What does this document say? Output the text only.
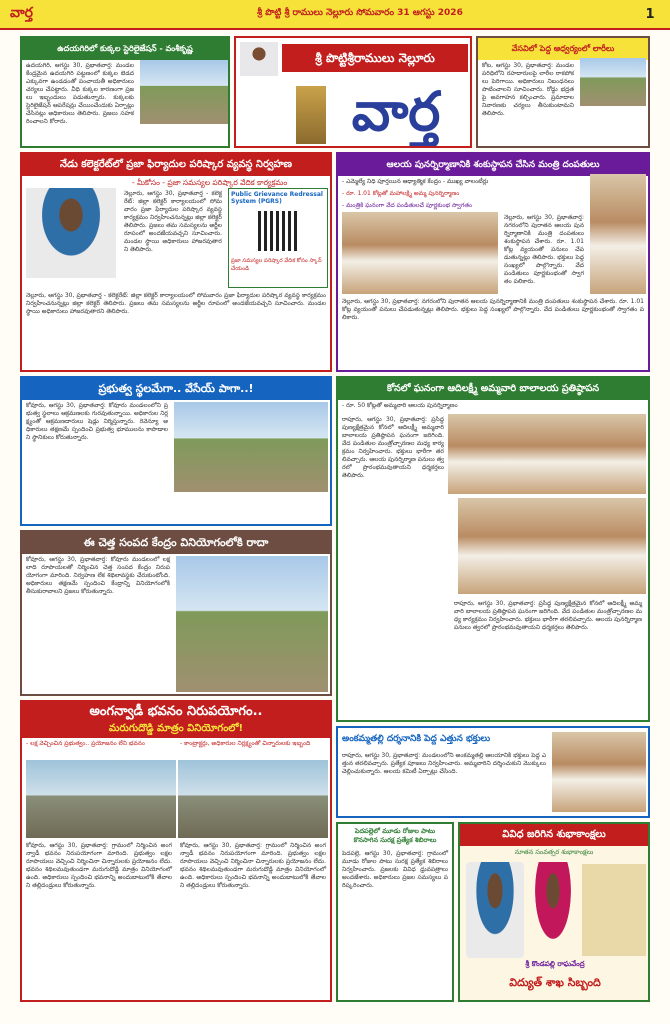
వార్త	శ్రీ పొట్టి శ్రీ రాములు నెల్లూరు సోమవారం 31 ఆగస్టు 2026	1
ఉదయగిరిలో కుక్కల స్టెరిలైజేషన్ - వంశీకృష్ణ
ఉదయగిరి, ఆగస్టు 30, ప్రభాతవార్త: మండల కేంద్రమైన ఉదయగిరి పట్టణంలో కుక్కల బెడద ఎక్కువగా ఉండడంతో పంచాయతీ అధికారులు చర్యలు చేపట్టారు. వీధి కుక్కల కారణంగా ప్రజలు ఇబ్బందులు పడుతున్నారు. కుక్కలకు స్టెరిలైజేషన్ ఆపరేషన్లు చేయించేందుకు ఏర్పాట్లు చేసినట్లు అధికారులు తెలిపారు. ప్రజలు సహకరించాలని కోరారు.
శ్రీ పొట్టిశ్రీరాములు నెల్లూరు
వార్త
వేసవిలో పెద్ద ఆధ్వర్యంలో లారీలు
కోట, ఆగస్టు 30, ప్రభాతవార్త: మండల పరిధిలోని రహదారులపై లారీల రాకపోకలు పెరిగాయి. అధికారులు నిబంధనలు పాటించాలని సూచించారు. రోడ్డు భద్రతపై అవగాహన కల్పించారు. ప్రమాదాల నివారణకు చర్యలు తీసుకుంటామని తెలిపారు.
నేడు కలెక్టరేట్‌లో ప్రజా ఫిర్యాదుల పరిష్కార వ్యవస్థ నిర్వహణ
- మీకోసం - ప్రజా సమస్యల పరిష్కార వేదిక కార్యక్రమం
Public Grievance Redressal System (PGRS)
ప్రజా సమస్యల పరిష్కార వేదిక కోసం స్కాన్ చేయండి
నెల్లూరు, ఆగస్టు 30, ప్రభాతవార్త - కలెక్టరేట్: జిల్లా కలెక్టర్ కార్యాలయంలో సోమవారం ప్రజా ఫిర్యాదుల పరిష్కార వ్యవస్థ కార్యక్రమం నిర్వహించనున్నట్లు జిల్లా కలెక్టర్ తెలిపారు. ప్రజలు తమ సమస్యలను అర్జీల రూపంలో అందజేయవచ్చని సూచించారు. మండల స్థాయి అధికారులు హాజరవుతారని తెలిపారు.
నెల్లూరు, ఆగస్టు 30, ప్రభాతవార్త - కలెక్టరేట్: జిల్లా కలెక్టర్ కార్యాలయంలో సోమవారం ప్రజా ఫిర్యాదుల పరిష్కార వ్యవస్థ కార్యక్రమం నిర్వహించనున్నట్లు జిల్లా కలెక్టర్ తెలిపారు. ప్రజలు తమ సమస్యలను అర్జీల రూపంలో అందజేయవచ్చని సూచించారు. మండల స్థాయి అధికారులు హాజరవుతారని తెలిపారు.
ఆలయ పునర్నిర్మాణానికి శంకుస్థాపన చేసిన మంత్రి దంపతులు
- ఎమ్మెల్యే నిధి పూర్తయిన ఆధ్యాత్మిక కేంద్రం - ముఖ్య వాలంటీర్లు
- రూ. 1.01 కోట్లతో మహాలక్ష్మి అమ్మ పునర్నిర్మాణం
- మంత్రికి ఘనంగా వేద పండితులచే పూర్ణకుంభ స్వాగతం
నెల్లూరు, ఆగస్టు 30, ప్రభాతవార్త: నగరంలోని పురాతన ఆలయ పునర్నిర్మాణానికి మంత్రి దంపతులు శంకుస్థాపన చేశారు. రూ. 1.01 కోట్ల వ్యయంతో పనులు చేపడుతున్నట్లు తెలిపారు. భక్తులు పెద్ద సంఖ్యలో పాల్గొన్నారు. వేద పండితులు పూర్ణకుంభంతో స్వాగతం పలికారు.
నెల్లూరు, ఆగస్టు 30, ప్రభాతవార్త: నగరంలోని పురాతన ఆలయ పునర్నిర్మాణానికి మంత్రి దంపతులు శంకుస్థాపన చేశారు. రూ. 1.01 కోట్ల వ్యయంతో పనులు చేపడుతున్నట్లు తెలిపారు. భక్తులు పెద్ద సంఖ్యలో పాల్గొన్నారు. వేద పండితులు పూర్ణకుంభంతో స్వాగతం పలికారు.
ప్రభుత్వ స్థలమేగా.. వేసేయ్ పాగా..!
కోవూరు, ఆగస్టు 30, ప్రభాతవార్త: కోవూరు మండలంలోని ప్రభుత్వ స్థలాలు ఆక్రమణలకు గురవుతున్నాయి. అధికారుల నిర్లక్ష్యంతో ఆక్రమణదారులు షెడ్లు నిర్మిస్తున్నారు. రెవెన్యూ అధికారులు తక్షణమే స్పందించి ప్రభుత్వ భూములను కాపాడాలని స్థానికులు కోరుతున్నారు.
కోనలో ఘనంగా ఆదిలక్ష్మీ అమ్మవారి బాలాలయ ప్రతిష్ఠాపన
- రూ. 50 కోట్లతో అమ్మవారి ఆలయ పునర్నిర్మాణం
రాపూరు, ఆగస్టు 30, ప్రభాతవార్త: ప్రసిద్ధ పుణ్యక్షేత్రమైన కోనలో ఆదిలక్ష్మీ అమ్మవారి బాలాలయ ప్రతిష్ఠాపన ఘనంగా జరిగింది. వేద పండితుల మంత్రోచ్ఛారణల మధ్య కార్యక్రమం నిర్వహించారు. భక్తులు భారీగా తరలివచ్చారు. ఆలయ పునర్నిర్మాణ పనులు త్వరలో ప్రారంభమవుతాయని ధర్మకర్తలు తెలిపారు.
రాపూరు, ఆగస్టు 30, ప్రభాతవార్త: ప్రసిద్ధ పుణ్యక్షేత్రమైన కోనలో ఆదిలక్ష్మీ అమ్మవారి బాలాలయ ప్రతిష్ఠాపన ఘనంగా జరిగింది. వేద పండితుల మంత్రోచ్ఛారణల మధ్య కార్యక్రమం నిర్వహించారు. భక్తులు భారీగా తరలివచ్చారు. ఆలయ పునర్నిర్మాణ పనులు త్వరలో ప్రారంభమవుతాయని ధర్మకర్తలు తెలిపారు.
ఈ చెత్త సంపద కేంద్రం వినియోగంలోకి రాదా
కోవూరు, ఆగస్టు 30, ప్రభాతవార్త: కోవూరు మండలంలో లక్షలాది రూపాయలతో నిర్మించిన చెత్త సంపద కేంద్రం నిరుపయోగంగా మారింది. నిర్వహణ లేక శిథిలావస్థకు చేరుకుంటోంది. అధికారులు తక్షణమే స్పందించి కేంద్రాన్ని వినియోగంలోకి తీసుకురావాలని ప్రజలు కోరుతున్నారు.
అంగన్వాడీ భవనం నిరుపయోగం..
మరుగుదొడ్డి మాత్రం వినియోగంలో!
- లక్ష వెచ్చించిన ప్రభుత్వం.. ప్రయోజనం లేని భవనం	- కాంట్రాక్టర్లు, అధికారుల నిర్లక్ష్యంతో చిన్నారులకు ఇబ్బంది
కోవూరు, ఆగస్టు 30, ప్రభాతవార్త: గ్రామంలో నిర్మించిన అంగన్వాడీ భవనం నిరుపయోగంగా మారింది. ప్రభుత్వం లక్షల రూపాయలు వెచ్చించి నిర్మించినా చిన్నారులకు ప్రయోజనం లేదు. భవనం శిథిలమవుతుండగా మరుగుదొడ్డి మాత్రం వినియోగంలో ఉంది. అధికారులు స్పందించి భవనాన్ని అందుబాటులోకి తేవాలని తల్లిదండ్రులు కోరుతున్నారు.
కోవూరు, ఆగస్టు 30, ప్రభాతవార్త: గ్రామంలో నిర్మించిన అంగన్వాడీ భవనం నిరుపయోగంగా మారింది. ప్రభుత్వం లక్షల రూపాయలు వెచ్చించి నిర్మించినా చిన్నారులకు ప్రయోజనం లేదు. భవనం శిథిలమవుతుండగా మరుగుదొడ్డి మాత్రం వినియోగంలో ఉంది. అధికారులు స్పందించి భవనాన్ని అందుబాటులోకి తేవాలని తల్లిదండ్రులు కోరుతున్నారు.
అంకమ్మతల్లి దర్శనానికి పెద్ద ఎత్తున భక్తులు
రాపూరు, ఆగస్టు 30, ప్రభాతవార్త: మండలంలోని అంకమ్మతల్లి ఆలయానికి భక్తులు పెద్ద ఎత్తున తరలివచ్చారు. ప్రత్యేక పూజలు నిర్వహించారు. అమ్మవారిని దర్శించుకుని మొక్కులు చెల్లించుకున్నారు. ఆలయ కమిటీ ఏర్పాట్లు చేసింది.
పెదపల్లెలో మూడు రోజుల పాటు కొనసాగిన సురక్ష ప్రత్యేక శిబిరాలు
పెదపల్లె, ఆగస్టు 30, ప్రభాతవార్త: గ్రామంలో మూడు రోజుల పాటు సురక్ష ప్రత్యేక శిబిరాలు నిర్వహించారు. ప్రజలకు వివిధ ధ్రువపత్రాలు అందజేశారు. అధికారులు ప్రజల సమస్యలు పరిష్కరించారు.
వివిధ జరిగిన శుభాకాంక్షలు
నూతన సంవత్సర శుభాకాంక్షలు
శ్రీ కొండపల్లి రాఘవేంద్ర
విద్యుత్ శాఖ సిబ్బంది
